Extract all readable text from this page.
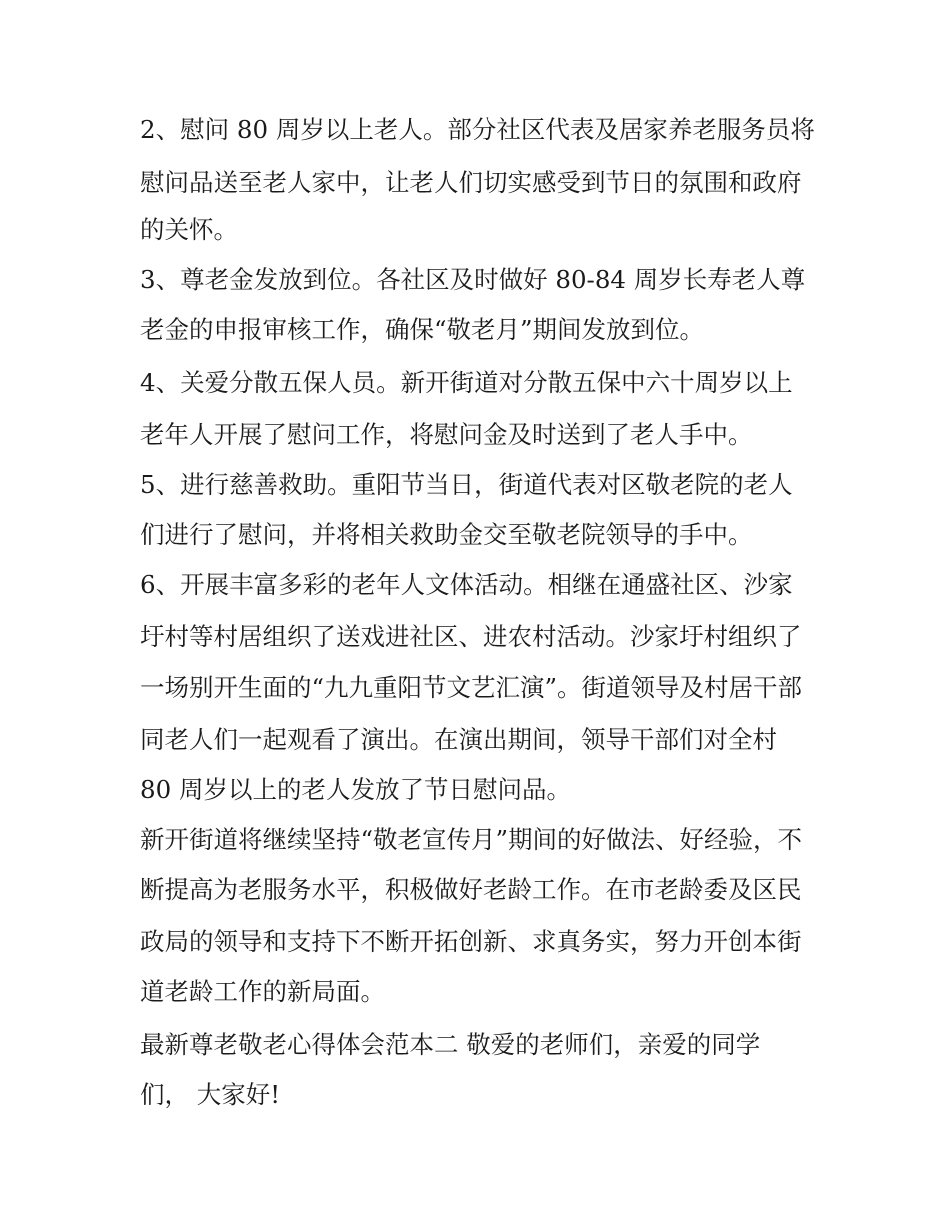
2、慰问 80 周岁以上老人。部分社区代表及居家养老服务员将
慰问品送至老人家中，让老人们切实感受到节日的氛围和政府
的关怀。
3、尊老金发放到位。各社区及时做好 80-84 周岁长寿老人尊
老金的申报审核工作，确保“敬老月”期间发放到位。
4、关爱分散五保人员。新开街道对分散五保中六十周岁以上
老年人开展了慰问工作，将慰问金及时送到了老人手中。
5、进行慈善救助。重阳节当日，街道代表对区敬老院的老人
们进行了慰问，并将相关救助金交至敬老院领导的手中。
6、开展丰富多彩的老年人文体活动。相继在通盛社区、沙家
圩村等村居组织了送戏进社区、进农村活动。沙家圩村组织了
一场别开生面的“九九重阳节文艺汇演”。街道领导及村居干部
同老人们一起观看了演出。在演出期间，领导干部们对全村
80 周岁以上的老人发放了节日慰问品。
新开街道将继续坚持“敬老宣传月”期间的好做法、好经验，不
断提高为老服务水平，积极做好老龄工作。在市老龄委及区民
政局的领导和支持下不断开拓创新、求真务实，努力开创本街
道老龄工作的新局面。
最新尊老敬老心得体会范本二 敬爱的老师们，亲爱的同学
们， 大家好!
